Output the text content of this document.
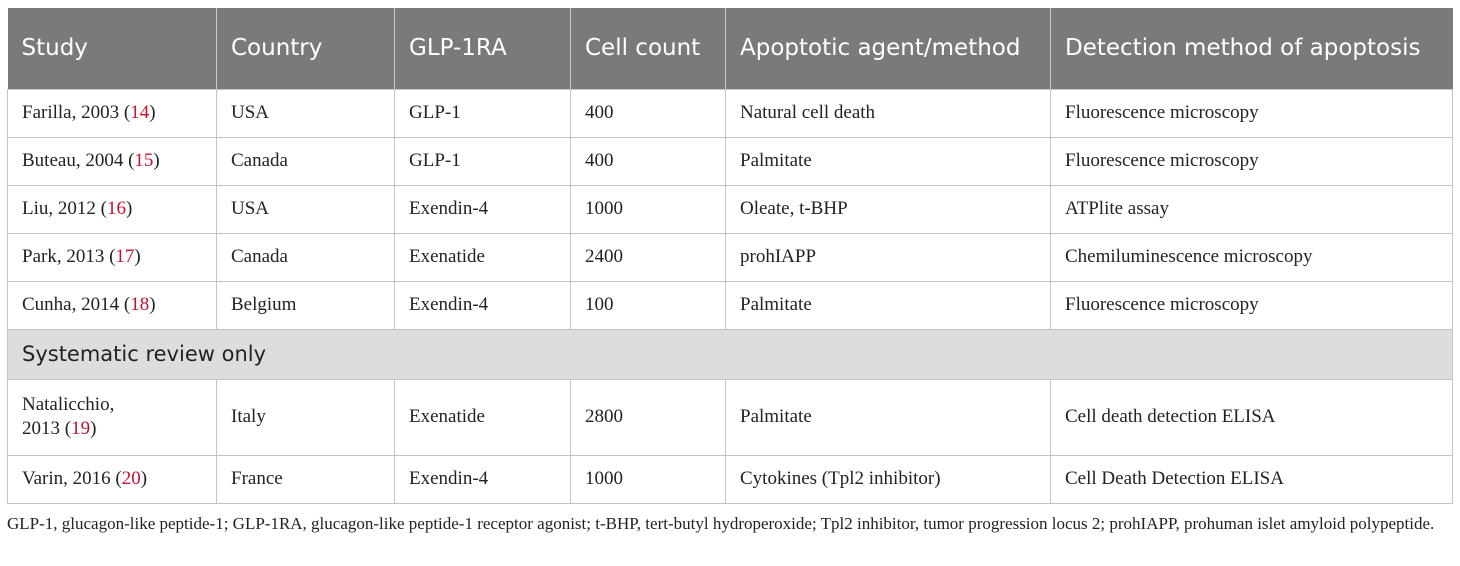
Study	Country	GLP-1RA	Cell count	Apoptotic agent/method	Detection method of apoptosis
Farilla, 2003 (14)	USA	GLP-1	400	Natural cell death	Fluorescence microscopy
Buteau, 2004 (15)	Canada	GLP-1	400	Palmitate	Fluorescence microscopy
Liu, 2012 (16)	USA	Exendin-4	1000	Oleate, t-BHP	ATPlite assay
Park, 2013 (17)	Canada	Exenatide	2400	prohIAPP	Chemiluminescence microscopy
Cunha, 2014 (18)	Belgium	Exendin-4	100	Palmitate	Fluorescence microscopy
Systematic review only					
Natalicchio,
2013 (19)	Italy	Exenatide	2800	Palmitate	Cell death detection ELISA
Varin, 2016 (20)	France	Exendin-4	1000	Cytokines (Tpl2 inhibitor)	Cell Death Detection ELISA

GLP-1, glucagon-like peptide-1; GLP-1RA, glucagon-like peptide-1 receptor agonist; t-BHP, tert-butyl hydroperoxide; Tpl2 inhibitor, tumor progression locus 2; prohIAPP, prohuman islet amyloid polypeptide.
